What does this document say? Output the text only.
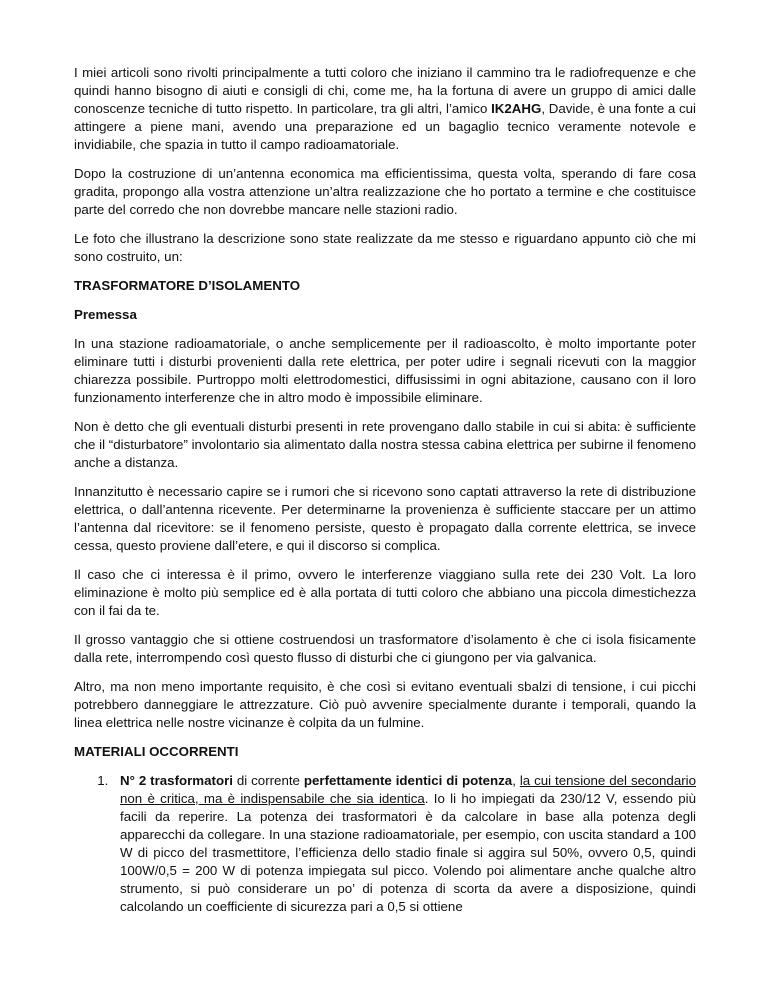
I miei articoli sono rivolti principalmente a tutti coloro che iniziano il cammino tra le radiofrequenze e che quindi hanno bisogno di aiuti e consigli di chi, come me, ha la fortuna di avere un gruppo di amici dalle conoscenze tecniche di tutto rispetto. In particolare, tra gli altri, l’amico IK2AHG, Davide, è una fonte a cui attingere a piene mani, avendo una preparazione ed un bagaglio tecnico veramente notevole e invidiabile, che spazia in tutto il campo radioamatoriale.

Dopo la costruzione di un’antenna economica ma efficientissima, questa volta, sperando di fare cosa gradita, propongo alla vostra attenzione un’altra realizzazione che ho portato a termine e che costituisce parte del corredo che non dovrebbe mancare nelle stazioni radio.

Le foto che illustrano la descrizione sono state realizzate da me stesso e riguardano appunto ciò che mi sono costruito, un:

TRASFORMATORE D’ISOLAMENTO

Premessa

In una stazione radioamatoriale, o anche semplicemente per il radioascolto, è molto importante poter eliminare tutti i disturbi provenienti dalla rete elettrica, per poter udire i segnali ricevuti con la maggior chiarezza possibile. Purtroppo molti elettrodomestici, diffusissimi in ogni abitazione, causano con il loro funzionamento interferenze che in altro modo è impossibile eliminare.

Non è detto che gli eventuali disturbi presenti in rete provengano dallo stabile in cui si abita: è sufficiente che il “disturbatore” involontario sia alimentato dalla nostra stessa cabina elettrica per subirne il fenomeno anche a distanza.

Innanzitutto è necessario capire se i rumori che si ricevono sono captati attraverso la rete di distribuzione elettrica, o dall’antenna ricevente. Per determinarne la provenienza è sufficiente staccare per un attimo l’antenna dal ricevitore: se il fenomeno persiste, questo è propagato dalla corrente elettrica, se invece cessa, questo proviene dall’etere, e qui il discorso si complica.

Il caso che ci interessa è il primo, ovvero le interferenze viaggiano sulla rete dei 230 Volt. La loro eliminazione è molto più semplice ed è alla portata di tutti coloro che abbiano una piccola dimestichezza con il fai da te.

Il grosso vantaggio che si ottiene costruendosi un trasformatore d’isolamento è che ci isola fisicamente dalla rete, interrompendo così questo flusso di disturbi che ci giungono per via galvanica.

Altro, ma non meno importante requisito, è che così si evitano eventuali sbalzi di tensione, i cui picchi potrebbero danneggiare le attrezzature. Ciò può avvenire specialmente durante i temporali, quando la linea elettrica nelle nostre vicinanze è colpita da un fulmine.

MATERIALI OCCORRENTI

1. N° 2 trasformatori di corrente perfettamente identici di potenza, la cui tensione del secondario non è critica, ma è indispensabile che sia identica. Io li ho impiegati da 230/12 V, essendo più facili da reperire. La potenza dei trasformatori è da calcolare in base alla potenza degli apparecchi da collegare. In una stazione radioamatoriale, per esempio, con uscita standard a 100 W di picco del trasmettitore, l’efficienza dello stadio finale si aggira sul 50%, ovvero 0,5, quindi 100W/0,5 = 200 W di potenza impiegata sul picco. Volendo poi alimentare anche qualche altro strumento, si può considerare un po’ di potenza di scorta da avere a disposizione, quindi calcolando un coefficiente di sicurezza pari a 0,5 si ottiene
